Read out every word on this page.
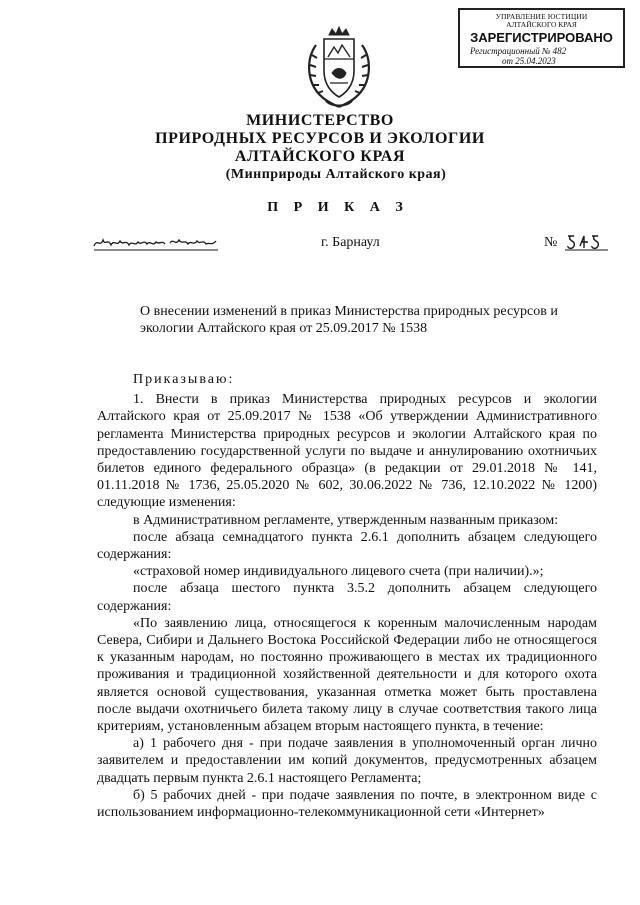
УПРАВЛЕНИЕ ЮСТИЦИИ
АЛТАЙСКОГО КРАЯ
ЗАРЕГИСТРИРОВАНО
Регистрационный № 482
от 25.04.2023
МИНИСТЕРСТВО
ПРИРОДНЫХ РЕСУРСОВ И ЭКОЛОГИИ
АЛТАЙСКОГО КРАЯ
(Минприроды Алтайского края)
П Р И К А З
г. Барнаул	№
О внесении изменений в приказ Министерства природных ресурсов и экологии Алтайского края от 25.09.2017 № 1538

Приказываю:

1. Внести в приказ Министерства природных ресурсов и экологии Алтайского края от 25.09.2017 № 1538 «Об утверждении Административного регламента Министерства природных ресурсов и экологии Алтайского края по предоставлению государственной услуги по выдаче и аннулированию охотничьих билетов единого федерального образца» (в редакции от 29.01.2018 № 141, 01.11.2018 № 1736, 25.05.2020 № 602, 30.06.2022 № 736, 12.10.2022 № 1200) следующие изменения:

в Административном регламенте, утвержденным названным приказом:

после абзаца семнадцатого пункта 2.6.1 дополнить абзацем следующего содержания:

«страховой номер индивидуального лицевого счета (при наличии).»;

после абзаца шестого пункта 3.5.2 дополнить абзацем следующего содержания:

«По заявлению лица, относящегося к коренным малочисленным народам Севера, Сибири и Дальнего Востока Российской Федерации либо не относящегося к указанным народам, но постоянно проживающего в местах их традиционного проживания и традиционной хозяйственной деятельности и для которого охота является основой существования, указанная отметка может быть проставлена после выдачи охотничьего билета такому лицу в случае соответствия такого лица критериям, установленным абзацем вторым настоящего пункта, в течение:

а) 1 рабочего дня - при подаче заявления в уполномоченный орган лично заявителем и предоставлении им копий документов, предусмотренных абзацем двадцать первым пункта 2.6.1 настоящего Регламента;

б) 5 рабочих дней - при подаче заявления по почте, в электронном виде с использованием информационно-телекоммуникационной сети «Интернет»
